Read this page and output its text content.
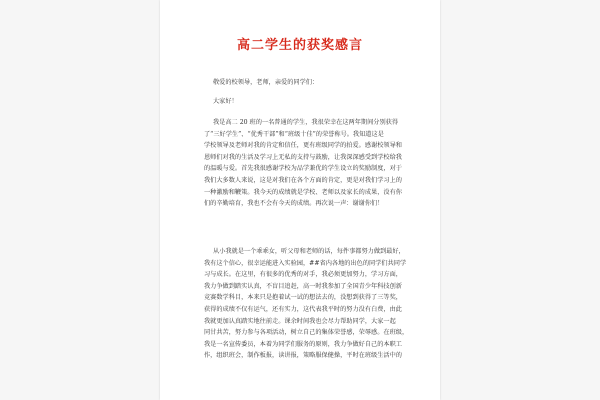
高二学生的获奖感言

敬爱的校领导，老师，亲爱的同学们：

大家好！

我是高二 20 班的一名普通的学生，我很荣幸在这两年期间分别获得

了“三好学生”、“优秀干部”和“班级十佳”的荣誉称号。我知道这是

学校领导及老师对我的肯定和信任，更有班级同学的拍爱。感谢校领导和

恩师们对我的生活及学习上无私的支持与鼓励，让我深深感受到学校给我

的温暖与爱。首先我很感谢学校为品学兼优的学生设立的奖励制度，对于

我们大多数人来说，这是对我们在各个方面的肯定，更是对我们学习上的

一种激励和鞭策。我今天的成绩就是学校、老师以及家长的成果，没有你

们的辛勤培育，我也不会有今天的成绩。再次说一声：谢谢你们！

从小我就是一个乖乖女，听父母和老师的话，每件事都努力做到最好，

我有这个信心，很幸运能进入实验园，##省内各地的出色的同学们共同学

习与成长。在这里，有很多的优秀的对手，我必须更加努力，学习方面，

我力争做到踏实认真，不盲目追赶，高一时我参加了全国青少年科技创新

竞赛数学科目，本来只是抱着试一试的想法去的，没想到获得了三等奖，

获得的成绩不仅有运气，还有实力，这代表我平时的努力没有白费，由此

我就更加认真踏实地往前走。课余时间我也会尽力帮助同学，大家一起

同甘共苦，努力参与各项活动，树立自己的集体荣誉感，荣辱感。在班级，

我是一名宣传委员，本着为同学们服务的原则，我力争做好自己的本职工

作，组织班会，制作板报，读讲报，策略服保健操，平时在班级生活中的
